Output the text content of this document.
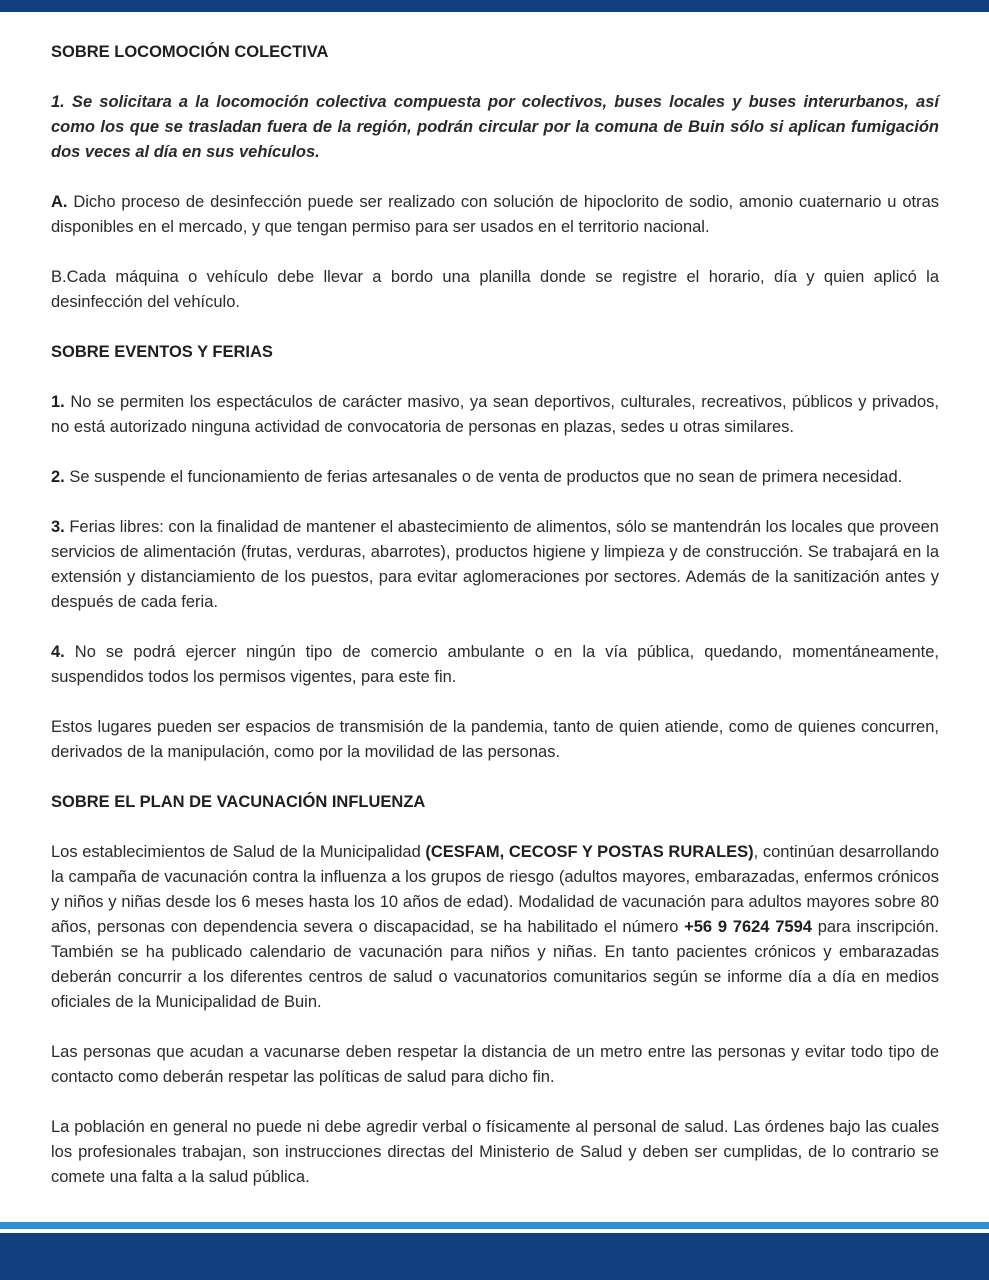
SOBRE LOCOMOCIÓN COLECTIVA

1. Se solicitara a la locomoción colectiva compuesta por colectivos, buses locales y buses interurbanos, así como los que se trasladan fuera de la región, podrán circular por la comuna de Buin sólo si aplican fumigación dos veces al día en sus vehículos.

A. Dicho proceso de desinfección puede ser realizado con solución de hipoclorito de sodio, amonio cuaternario u otras disponibles en el mercado, y que tengan permiso para ser usados en el territorio nacional.

B.Cada máquina o vehículo debe llevar a bordo una planilla donde se registre el horario, día y quien aplicó la desinfección del vehículo.

SOBRE EVENTOS Y FERIAS

1. No se permiten los espectáculos de carácter masivo, ya sean deportivos, culturales, recreativos, públicos y privados, no está autorizado ninguna actividad de convocatoria de personas en plazas, sedes u otras similares.

2. Se suspende el funcionamiento de ferias artesanales o de venta de productos que no sean de primera necesidad.

3. Ferias libres: con la finalidad de mantener el abastecimiento de alimentos, sólo se mantendrán los locales que proveen servicios de alimentación (frutas, verduras, abarrotes), productos higiene y limpieza y de construcción. Se trabajará en la extensión y distanciamiento de los puestos, para evitar aglomeraciones por sectores. Además de la sanitización antes y después de cada feria.

4. No se podrá ejercer ningún tipo de comercio ambulante o en la vía pública, quedando, momentáneamente, suspendidos todos los permisos vigentes, para este fin.

Estos lugares pueden ser espacios de transmisión de la pandemia, tanto de quien atiende, como de quienes concurren, derivados de la manipulación, como por la movilidad de las personas.

SOBRE EL PLAN DE VACUNACIÓN INFLUENZA

Los establecimientos de Salud de la Municipalidad (CESFAM, CECOSF Y POSTAS RURALES), continúan desarrollando la campaña de vacunación contra la influenza a los grupos de riesgo (adultos mayores, embarazadas, enfermos crónicos y niños y niñas desde los 6 meses hasta los 10 años de edad). Modalidad de vacunación para adultos mayores sobre 80 años, personas con dependencia severa o discapacidad, se ha habilitado el número +56 9 7624 7594 para inscripción. También se ha publicado calendario de vacunación para niños y niñas. En tanto pacientes crónicos y embarazadas deberán concurrir a los diferentes centros de salud o vacunatorios comunitarios según se informe día a día en medios oficiales de la Municipalidad de Buin.

Las personas que acudan a vacunarse deben respetar la distancia de un metro entre las personas y evitar todo tipo de contacto como deberán respetar las políticas de salud para dicho fin.

La población en general no puede ni debe agredir verbal o físicamente al personal de salud. Las órdenes bajo las cuales los profesionales trabajan, son instrucciones directas del Ministerio de Salud y deben ser cumplidas, de lo contrario se comete una falta a la salud pública.
